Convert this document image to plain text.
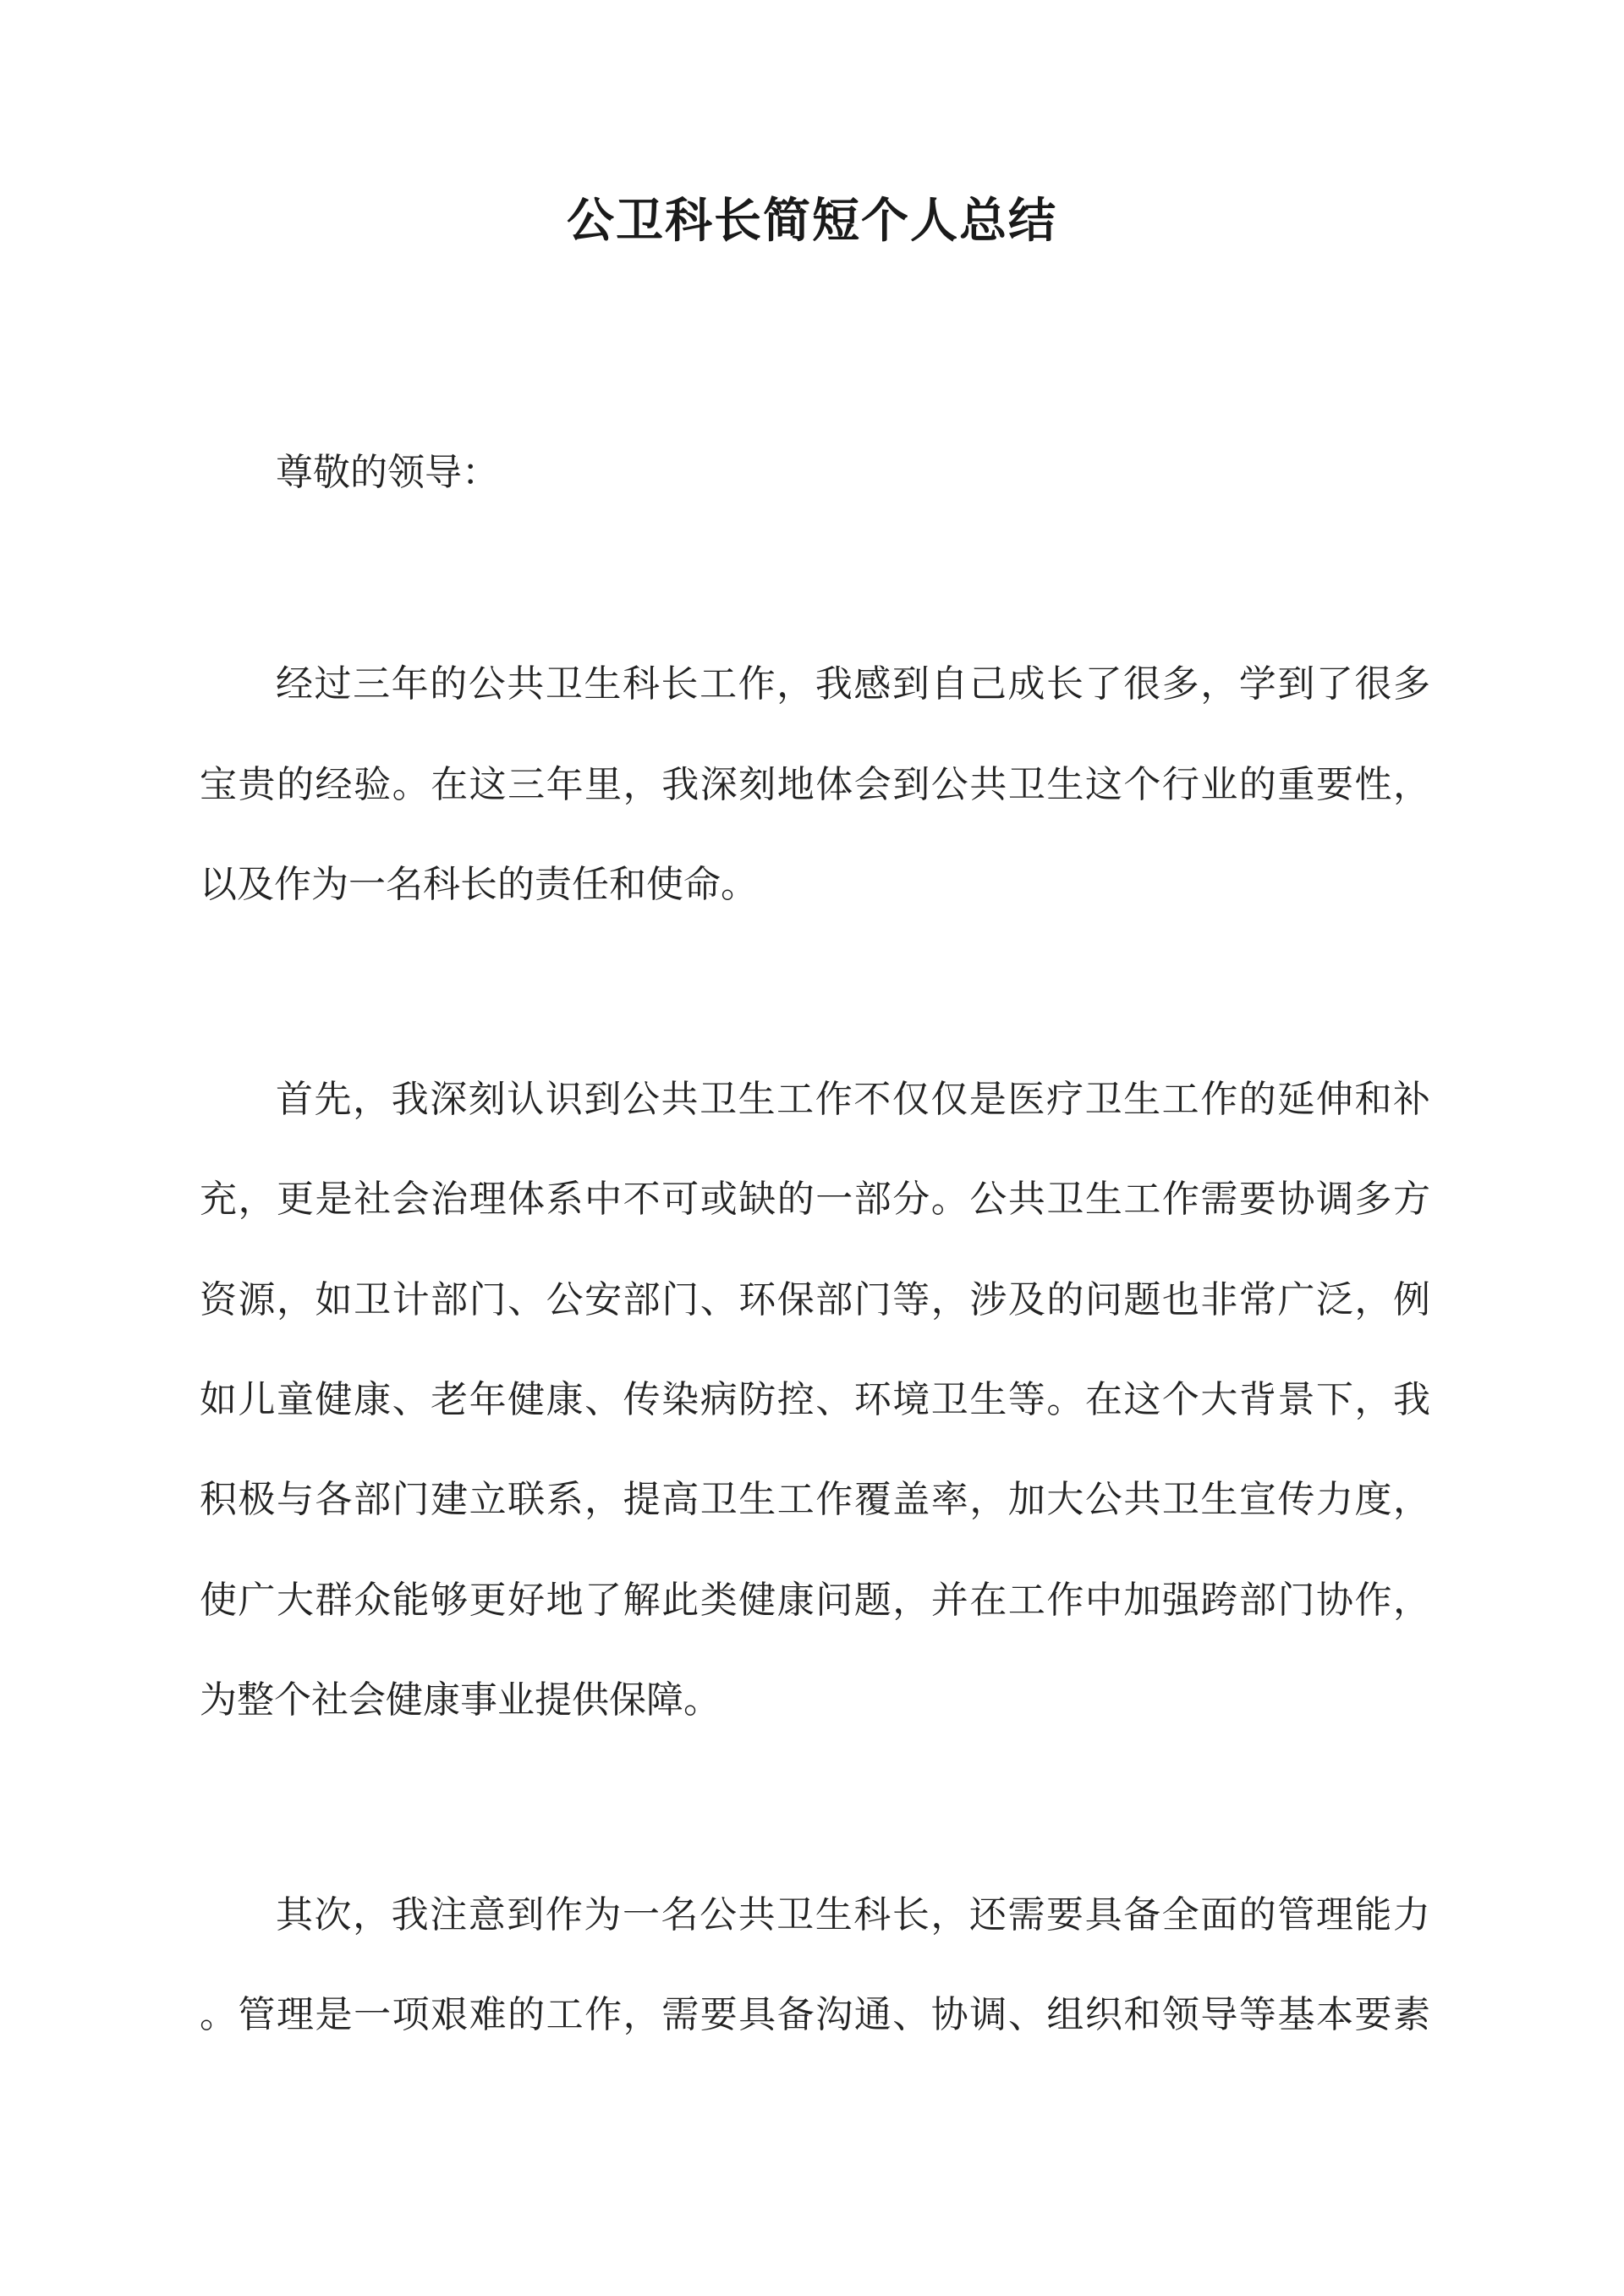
公卫科长简短个人总结
尊敬的领导：
经过三年的公共卫生科长工作，我感到自己成长了很多，学到了很多
宝贵的经验。在这三年里，我深刻地体会到公共卫生这个行业的重要性，
以及作为一名科长的责任和使命。
首先，我深刻认识到公共卫生工作不仅仅是医疗卫生工作的延伸和补
充，更是社会治理体系中不可或缺的一部分。公共卫生工作需要协调多方
资源，如卫计部门、公安部门、环保部门等，涉及的问题也非常广泛，例
如儿童健康、老年健康、传染病防控、环境卫生等。在这个大背景下，我
积极与各部门建立联系，提高卫生工作覆盖率，加大公共卫生宣传力度，
使广大群众能够更好地了解此类健康问题，并在工作中加强跨部门协作，
为整个社会健康事业提供保障。
其次，我注意到作为一名公共卫生科长，还需要具备全面的管理能力
。管理是一项艰难的工作，需要具备沟通、协调、组织和领导等基本要素
